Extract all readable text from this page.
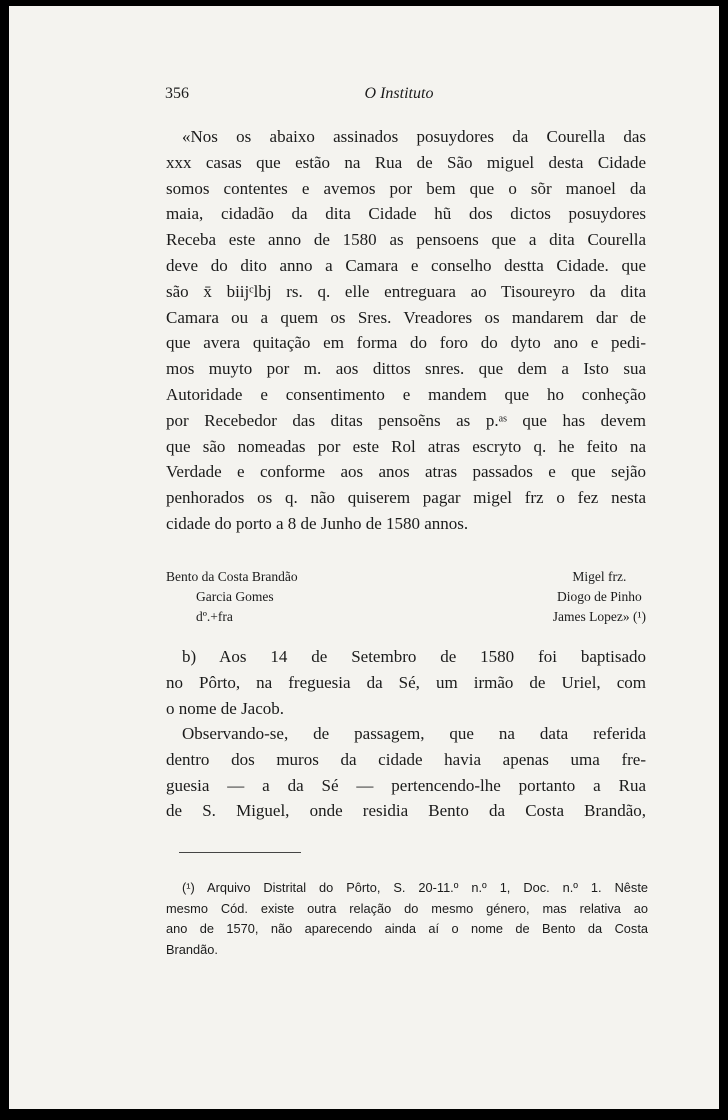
356	O Instituto
«Nos os abaixo assinados posuydores da Courella das
xxx casas que estão na Rua de São miguel desta Cidade
somos contentes e avemos por bem que o sõr manoel da
maia, cidadão da dita Cidade hũ dos dictos posuydores
Receba este anno de 1580 as pensoens que a dita Courella
deve do dito anno a Camara e conselho destta Cidade. que
são x̄ biijᶜlbj rs. q. elle entreguara ao Tisoureyro da dita
Camara ou a quem os Sres. Vreadores os mandarem dar de
que avera quitação em forma do foro do dyto ano e pedi-
mos muyto por m. aos dittos snres. que dem a Isto sua
Autoridade e consentimento e mandem que ho conheção
por Recebedor das ditas pensoẽns as p.ᵃˢ que has devem
que são nomeadas por este Rol atras escryto q. he feito na
Verdade e conforme aos anos atras passados e que sejão
penhorados os q. não quiserem pagar migel frz o fez nesta
cidade do porto a 8 de Junho de 1580 annos.
Bento da Costa Brandão
Garcia Gomes
dº.+fra
Migel frz.
Diogo de Pinho
James Lopez» (¹)
b) Aos 14 de Setembro de 1580 foi baptisado
no Pôrto, na freguesia da Sé, um irmão de Uriel, com
o nome de Jacob.
Observando-se, de passagem, que na data referida
dentro dos muros da cidade havia apenas uma fre-
guesia — a da Sé — pertencendo-lhe portanto a Rua
de S. Miguel, onde residia Bento da Costa Brandão,
(¹) Arquivo Distrital do Pôrto, S. 20-11.º n.º 1, Doc. n.º 1. Nêste
mesmo Cód. existe outra relação do mesmo género, mas relativa ao
ano de 1570, não aparecendo ainda aí o nome de Bento da Costa
Brandão.
